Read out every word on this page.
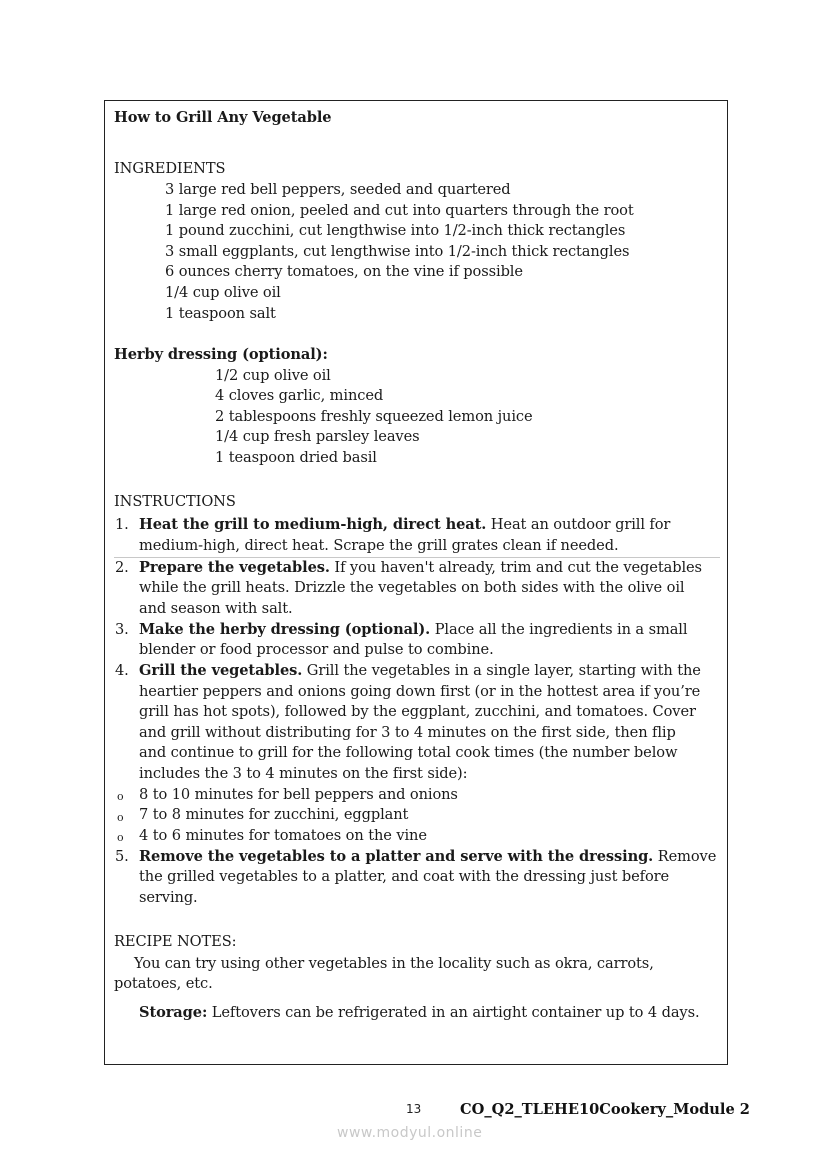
How to Grill Any Vegetable
INGREDIENTS
3 large red bell peppers, seeded and quartered
1 large red onion, peeled and cut into quarters through the root
1 pound zucchini, cut lengthwise into 1/2-inch thick rectangles
3 small eggplants, cut lengthwise into 1/2-inch thick rectangles
6 ounces cherry tomatoes, on the vine if possible
1/4 cup olive oil
1 teaspoon salt
Herby dressing (optional):
1/2 cup olive oil
4 cloves garlic, minced
2 tablespoons freshly squeezed lemon juice
1/4 cup fresh parsley leaves
1 teaspoon dried basil
INSTRUCTIONS
1. Heat the grill to medium-high, direct heat. Heat an outdoor grill for
medium-high, direct heat. Scrape the grill grates clean if needed.
2. Prepare the vegetables. If you haven't already, trim and cut the vegetables
while the grill heats. Drizzle the vegetables on both sides with the olive oil
and season with salt.
3. Make the herby dressing (optional). Place all the ingredients in a small
blender or food processor and pulse to combine.
4. Grill the vegetables. Grill the vegetables in a single layer, starting with the
heartier peppers and onions going down first (or in the hottest area if you’re
grill has hot spots), followed by the eggplant, zucchini, and tomatoes. Cover
and grill without distributing for 3 to 4 minutes on the first side, then flip
and continue to grill for the following total cook times (the number below
includes the 3 to 4 minutes on the first side):
o 8 to 10 minutes for bell peppers and onions
o 7 to 8 minutes for zucchini, eggplant
o 4 to 6 minutes for tomatoes on the vine
5. Remove the vegetables to a platter and serve with the dressing. Remove
the grilled vegetables to a platter, and coat with the dressing just before
serving.
RECIPE NOTES:
You can try using other vegetables in the locality such as okra, carrots,
potatoes, etc.
Storage: Leftovers can be refrigerated in an airtight container up to 4 days.
13	CO_Q2_TLEHE10Cookery_Module 2
www.modyul.online
